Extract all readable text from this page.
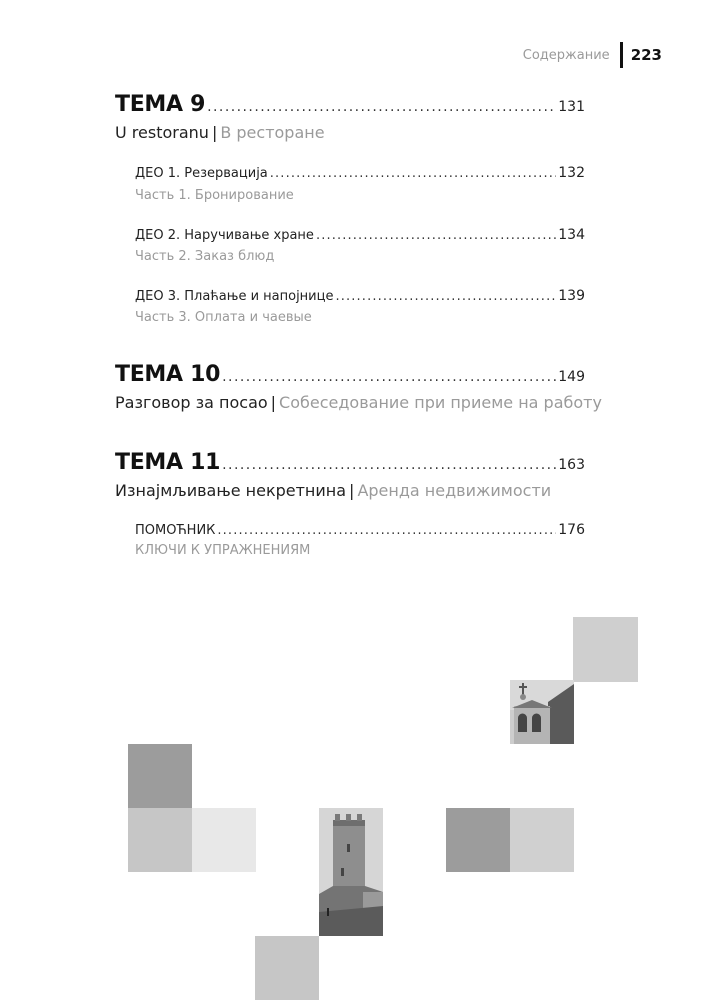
Содержание 223
ТЕМА 9 . . .	131
U restoranu | В ресторане
ДЕО 1. Резервација . . .	132
Часть 1. Бронирование
ДЕО 2. Наручивање хране . . .	134
Часть 2. Заказ блюд
ДЕО 3. Плаћање и напојнице . . .	139
Часть 3. Оплата и чаевые
ТЕМА 10 . . .	149
Разговор за посао | Собеседование при приеме на работу
ТЕМА 11 . . .	163
Изнајмљивање некретнина | Аренда недвижимости
ПОМОЋНИК . . .	176
КЛЮЧИ К УПРАЖНЕНИЯМ
